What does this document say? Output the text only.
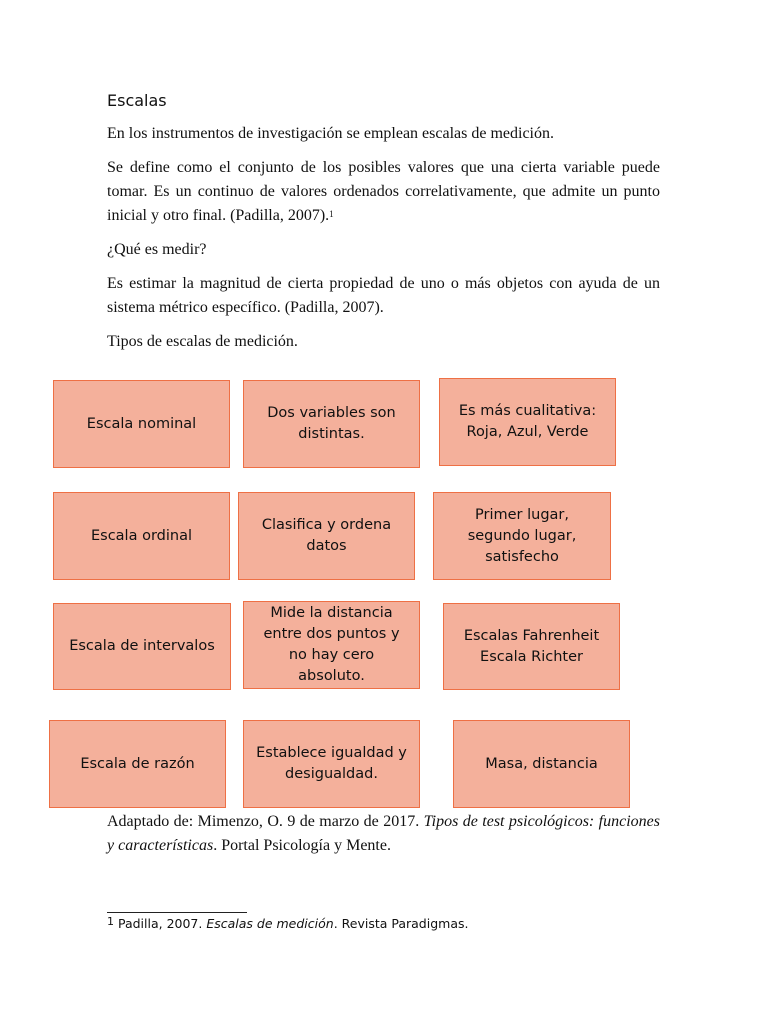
Escalas

En los instrumentos de investigación se emplean escalas de medición.

Se define como el conjunto de los posibles valores que una cierta variable puede tomar. Es un continuo de valores ordenados correlativamente, que admite un punto inicial y otro final. (Padilla, 2007).$^1$

¿Qué es medir?

Es estimar la magnitud de cierta propiedad de uno o más objetos con ayuda de un sistema métrico específico. (Padilla, 2007).

Tipos de escalas de medición.

Escala nominal
Dos variables son distintas.
Es más cualitativa: Roja, Azul, Verde
Escala ordinal
Clasifica y ordena datos
Primer lugar, segundo lugar, satisfecho
Escala de intervalos
Mide la distancia entre dos puntos y no hay cero absoluto.
Escalas Fahrenheit Escala Richter
Escala de razón
Establece igualdad y desigualdad.
Masa, distancia

Adaptado de: Mimenzo, O. 9 de marzo de 2017. Tipos de test psicológicos: funciones y características. Portal Psicología y Mente.

1 Padilla, 2007. Escalas de medición. Revista Paradigmas.
